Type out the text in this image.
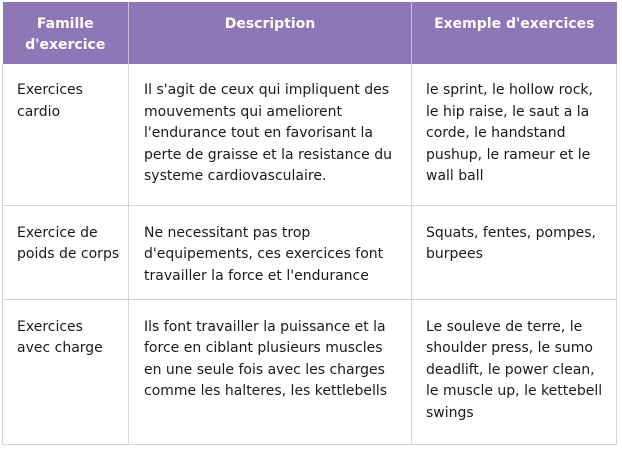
Famille d'exercice	Description	Exemple d'exercices
Exercices cardio	Il s'agit de ceux qui impliquent des mouvements qui ameliorent l'endurance tout en favorisant la perte de graisse et la resistance du systeme cardiovasculaire.	le sprint, le hollow rock, le hip raise, le saut a la corde, le handstand pushup, le rameur et le wall ball
Exercice de poids de corps	Ne necessitant pas trop d'equipements, ces exercices font travailler la force et l'endurance	Squats, fentes, pompes, burpees
Exercices avec charge	Ils font travailler la puissance et la force en ciblant plusieurs muscles en une seule fois avec les charges comme les halteres, les kettlebells	Le souleve de terre, le shoulder press, le sumo deadlift, le power clean, le muscle up, le kettebell swings
